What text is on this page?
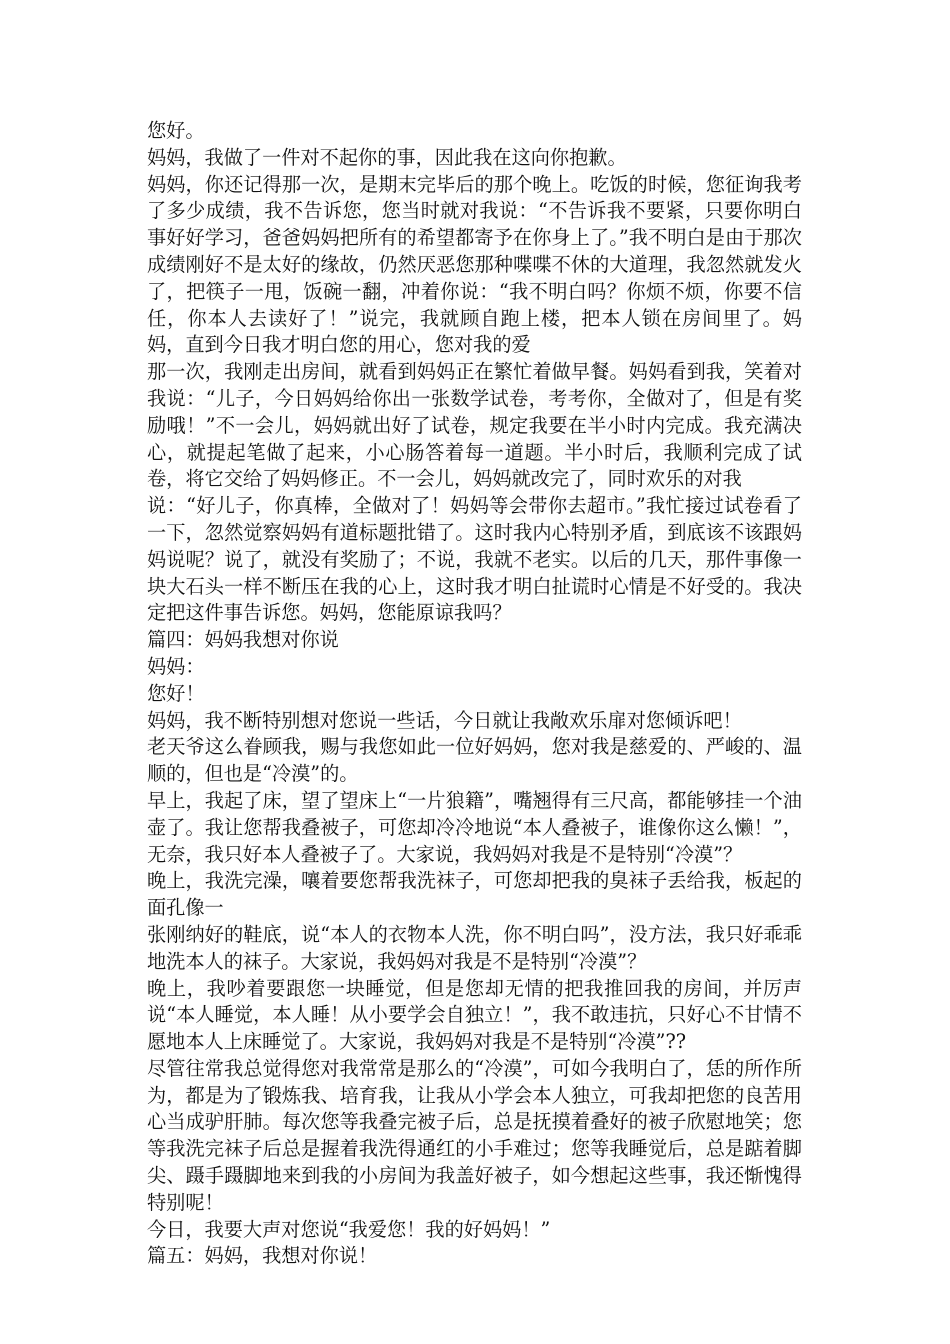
您好。

妈妈，我做了一件对不起你的事，因此我在这向你抱歉。

妈妈，你还记得那一次，是期末完毕后的那个晚上。吃饭的时候，您征询我考了多少成绩，我不告诉您，您当时就对我说：“不告诉我不要紧，只要你明白事好好学习，爸爸妈妈把所有的希望都寄予在你身上了。”我不明白是由于那次成绩刚好不是太好的缘故，仍然厌恶您那种喋喋不休的大道理，我忽然就发火了，把筷子一甩，饭碗一翻，冲着你说：“我不明白吗？你烦不烦，你要不信任，你本人去读好了！”说完，我就顾自跑上楼，把本人锁在房间里了。妈妈，直到今日我才明白您的用心，您对我的爱

那一次，我刚走出房间，就看到妈妈正在繁忙着做早餐。妈妈看到我，笑着对我说：“儿子，今日妈妈给你出一张数学试卷，考考你，全做对了，但是有奖励哦！”不一会儿，妈妈就出好了试卷，规定我要在半小时内完成。我充满决心，就提起笔做了起来，小心肠答着每一道题。半小时后，我顺利完成了试卷，将它交给了妈妈修正。不一会儿，妈妈就改完了，同时欢乐的对我

说：“好儿子，你真棒，全做对了！妈妈等会带你去超市。”我忙接过试卷看了一下，忽然觉察妈妈有道标题批错了。这时我内心特别矛盾，到底该不该跟妈妈说呢？说了，就没有奖励了；不说，我就不老实。以后的几天，那件事像一块大石头一样不断压在我的心上，这时我才明白扯谎时心情是不好受的。我决定把这件事告诉您。妈妈，您能原谅我吗？

篇四：妈妈我想对你说

妈妈：

您好！

妈妈，我不断特别想对您说一些话，今日就让我敞欢乐扉对您倾诉吧！

老天爷这么眷顾我，赐与我您如此一位好妈妈，您对我是慈爱的、严峻的、温顺的，但也是“冷漠”的。

早上，我起了床，望了望床上“一片狼籍”，嘴翘得有三尺高，都能够挂一个油壶了。我让您帮我叠被子，可您却冷冷地说“本人叠被子，谁像你这么懒！”，无奈，我只好本人叠被子了。大家说，我妈妈对我是不是特别“冷漠”？

晚上，我洗完澡，嚷着要您帮我洗袜子，可您却把我的臭袜子丢给我，板起的面孔像一

张刚纳好的鞋底，说“本人的衣物本人洗，你不明白吗”，没方法，我只好乖乖地洗本人的袜子。大家说，我妈妈对我是不是特别“冷漠”？

晚上，我吵着要跟您一块睡觉，但是您却无情的把我推回我的房间，并厉声说“本人睡觉，本人睡！从小要学会自独立！”，我不敢违抗，只好心不甘情不愿地本人上床睡觉了。大家说，我妈妈对我是不是特别“冷漠”??

尽管往常我总觉得您对我常常是那么的“冷漠”，可如今我明白了，恁的所作所为，都是为了锻炼我、培育我，让我从小学会本人独立，可我却把您的良苦用心当成驴肝肺。每次您等我叠完被子后，总是抚摸着叠好的被子欣慰地笑；您等我洗完袜子后总是握着我洗得通红的小手难过；您等我睡觉后，总是踮着脚尖、蹑手蹑脚地来到我的小房间为我盖好被子，如今想起这些事，我还惭愧得特别呢！

今日，我要大声对您说“我爱您！我的好妈妈！”

篇五：妈妈，我想对你说！
